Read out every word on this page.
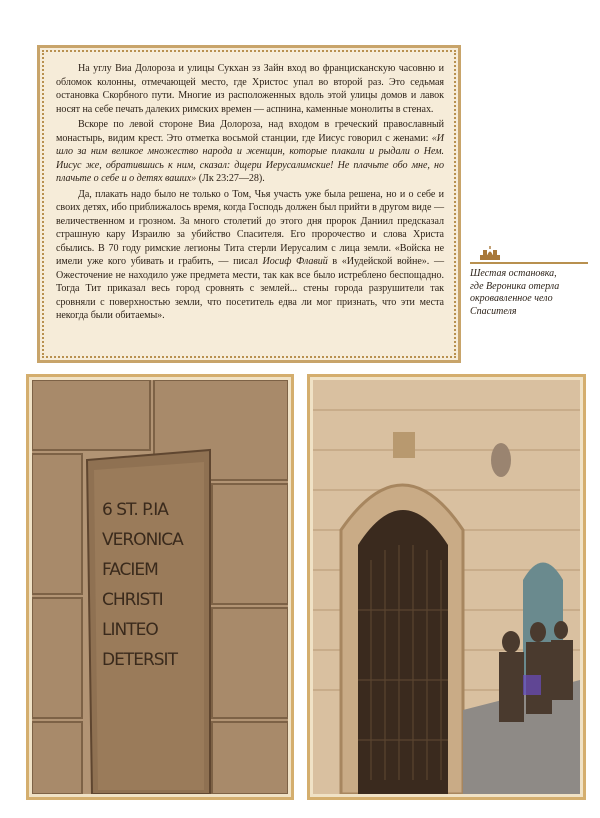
На углу Виа Долороза и улицы Сукхан эз Зайн вход во францисканскую часовню и обломок колонны, отмечающей место, где Христос упал во второй раз. Это седьмая остановка Скорбного пути. Многие из расположенных вдоль этой улицы домов и лавок носят на себе печать далеких римских времен — аспнина, каменные монолиты в стенах.

Вскоре по левой стороне Виа Долороза, над входом в греческий православный монастырь, видим крест. Это отметка восьмой станции, где Иисус говорил с женами: «И шло за ним великое множество народа и женщин, которые плакали и рыдали о Нем. Иисус же, обратившись к ним, сказал: дщери Иерусалимские! Не плачьте обо мне, но плачьте о себе и о детях ваших» (Лк 23:27—28).

Да, плакать надо было не только о Том, Чья участь уже была решена, но и о себе и своих детях, ибо приближалось время, когда Господь должен был прийти в другом виде — величественном и грозном. За много столетий до этого дня пророк Даниил предсказал страшную кару Израилю за убийство Спасителя. Его пророчество и слова Христа сбылись. В 70 году римские легионы Тита стерли Иерусалим с лица земли. «Войска не имели уже кого убивать и грабить, — писал Иосиф Флавий в «Иудейской войне». — Ожесточение не находило уже предмета мести, так как все было истреблено беспощадно. Тогда Тит приказал весь город сровнять с землей... стены города разрушители так сровняли с поверхностью земли, что посетитель едва ли мог признать, что эти места некогда были обитаемы».

Шестая остановка,
где Вероника отерла
окровавленное чело
Спасителя
6 ST. P.IA
VERONICA
FACIEM
CHRISTI
LINTEO
DETERSIT
